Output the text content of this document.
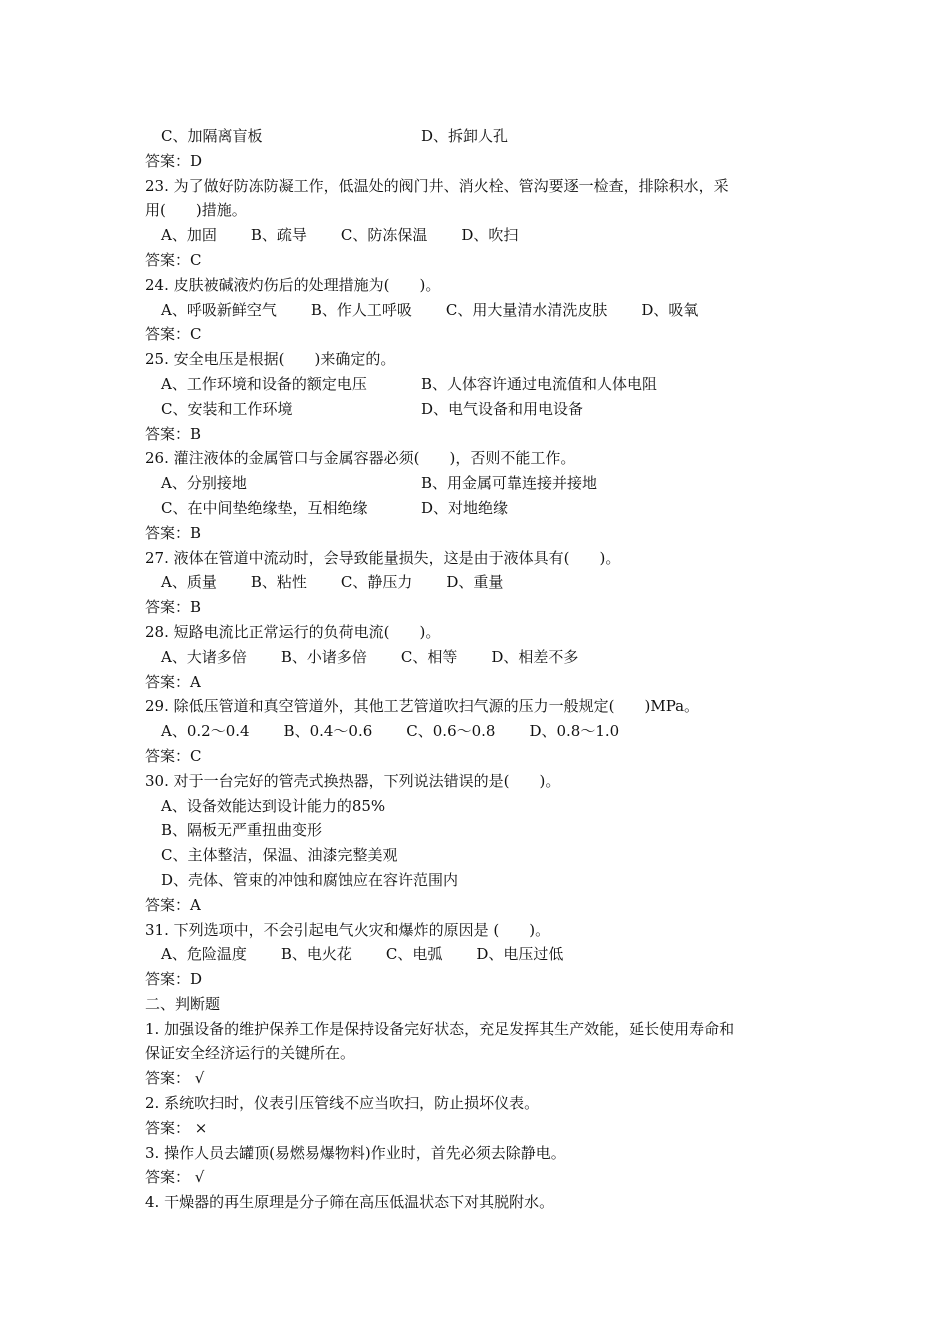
C、加隔离盲板	D、拆卸人孔
答案：D
23. 为了做好防冻防凝工作，低温处的阀门井、消火栓、管沟要逐一检查，排除积水，采
用(　　)措施。
A、加固 B、疏导 C、防冻保温 D、吹扫
答案：C
24. 皮肤被碱液灼伤后的处理措施为(　　)。
A、呼吸新鲜空气 B、作人工呼吸 C、用大量清水清洗皮肤 D、吸氧
答案：C
25. 安全电压是根据(　　)来确定的。
A、工作环境和设备的额定电压	B、人体容许通过电流值和人体电阻
C、安装和工作环境	D、电气设备和用电设备
答案：B
26. 灌注液体的金属管口与金属容器必须(　　)，否则不能工作。
A、分别接地	B、用金属可靠连接并接地
C、在中间垫绝缘垫，互相绝缘	D、对地绝缘
答案：B
27. 液体在管道中流动时，会导致能量损失，这是由于液体具有(　　)。
A、质量 B、粘性 C、静压力 D、重量
答案：B
28. 短路电流比正常运行的负荷电流(　　)。
A、大诸多倍 B、小诸多倍 C、相等 D、相差不多
答案：A
29. 除低压管道和真空管道外，其他工艺管道吹扫气源的压力一般规定(　　)MPa。
A、0.2～0.4 B、0.4～0.6 C、0.6～0.8 D、0.8～1.0
答案：C
30. 对于一台完好的管壳式换热器，下列说法错误的是(　　)。
A、设备效能达到设计能力的85%
B、隔板无严重扭曲变形
C、主体整洁，保温、油漆完整美观
D、壳体、管束的冲蚀和腐蚀应在容许范围内
答案：A
31. 下列选项中，不会引起电气火灾和爆炸的原因是 (　　)。
A、危险温度 B、电火花 C、电弧 D、电压过低
答案：D
二、判断题
1. 加强设备的维护保养工作是保持设备完好状态，充足发挥其生产效能，延长使用寿命和
保证安全经济运行的关键所在。
答案： √
2. 系统吹扫时，仪表引压管线不应当吹扫，防止损坏仪表。
答案： ×
3. 操作人员去罐顶(易燃易爆物料)作业时，首先必须去除静电。
答案： √
4. 干燥器的再生原理是分子筛在高压低温状态下对其脱附水。
